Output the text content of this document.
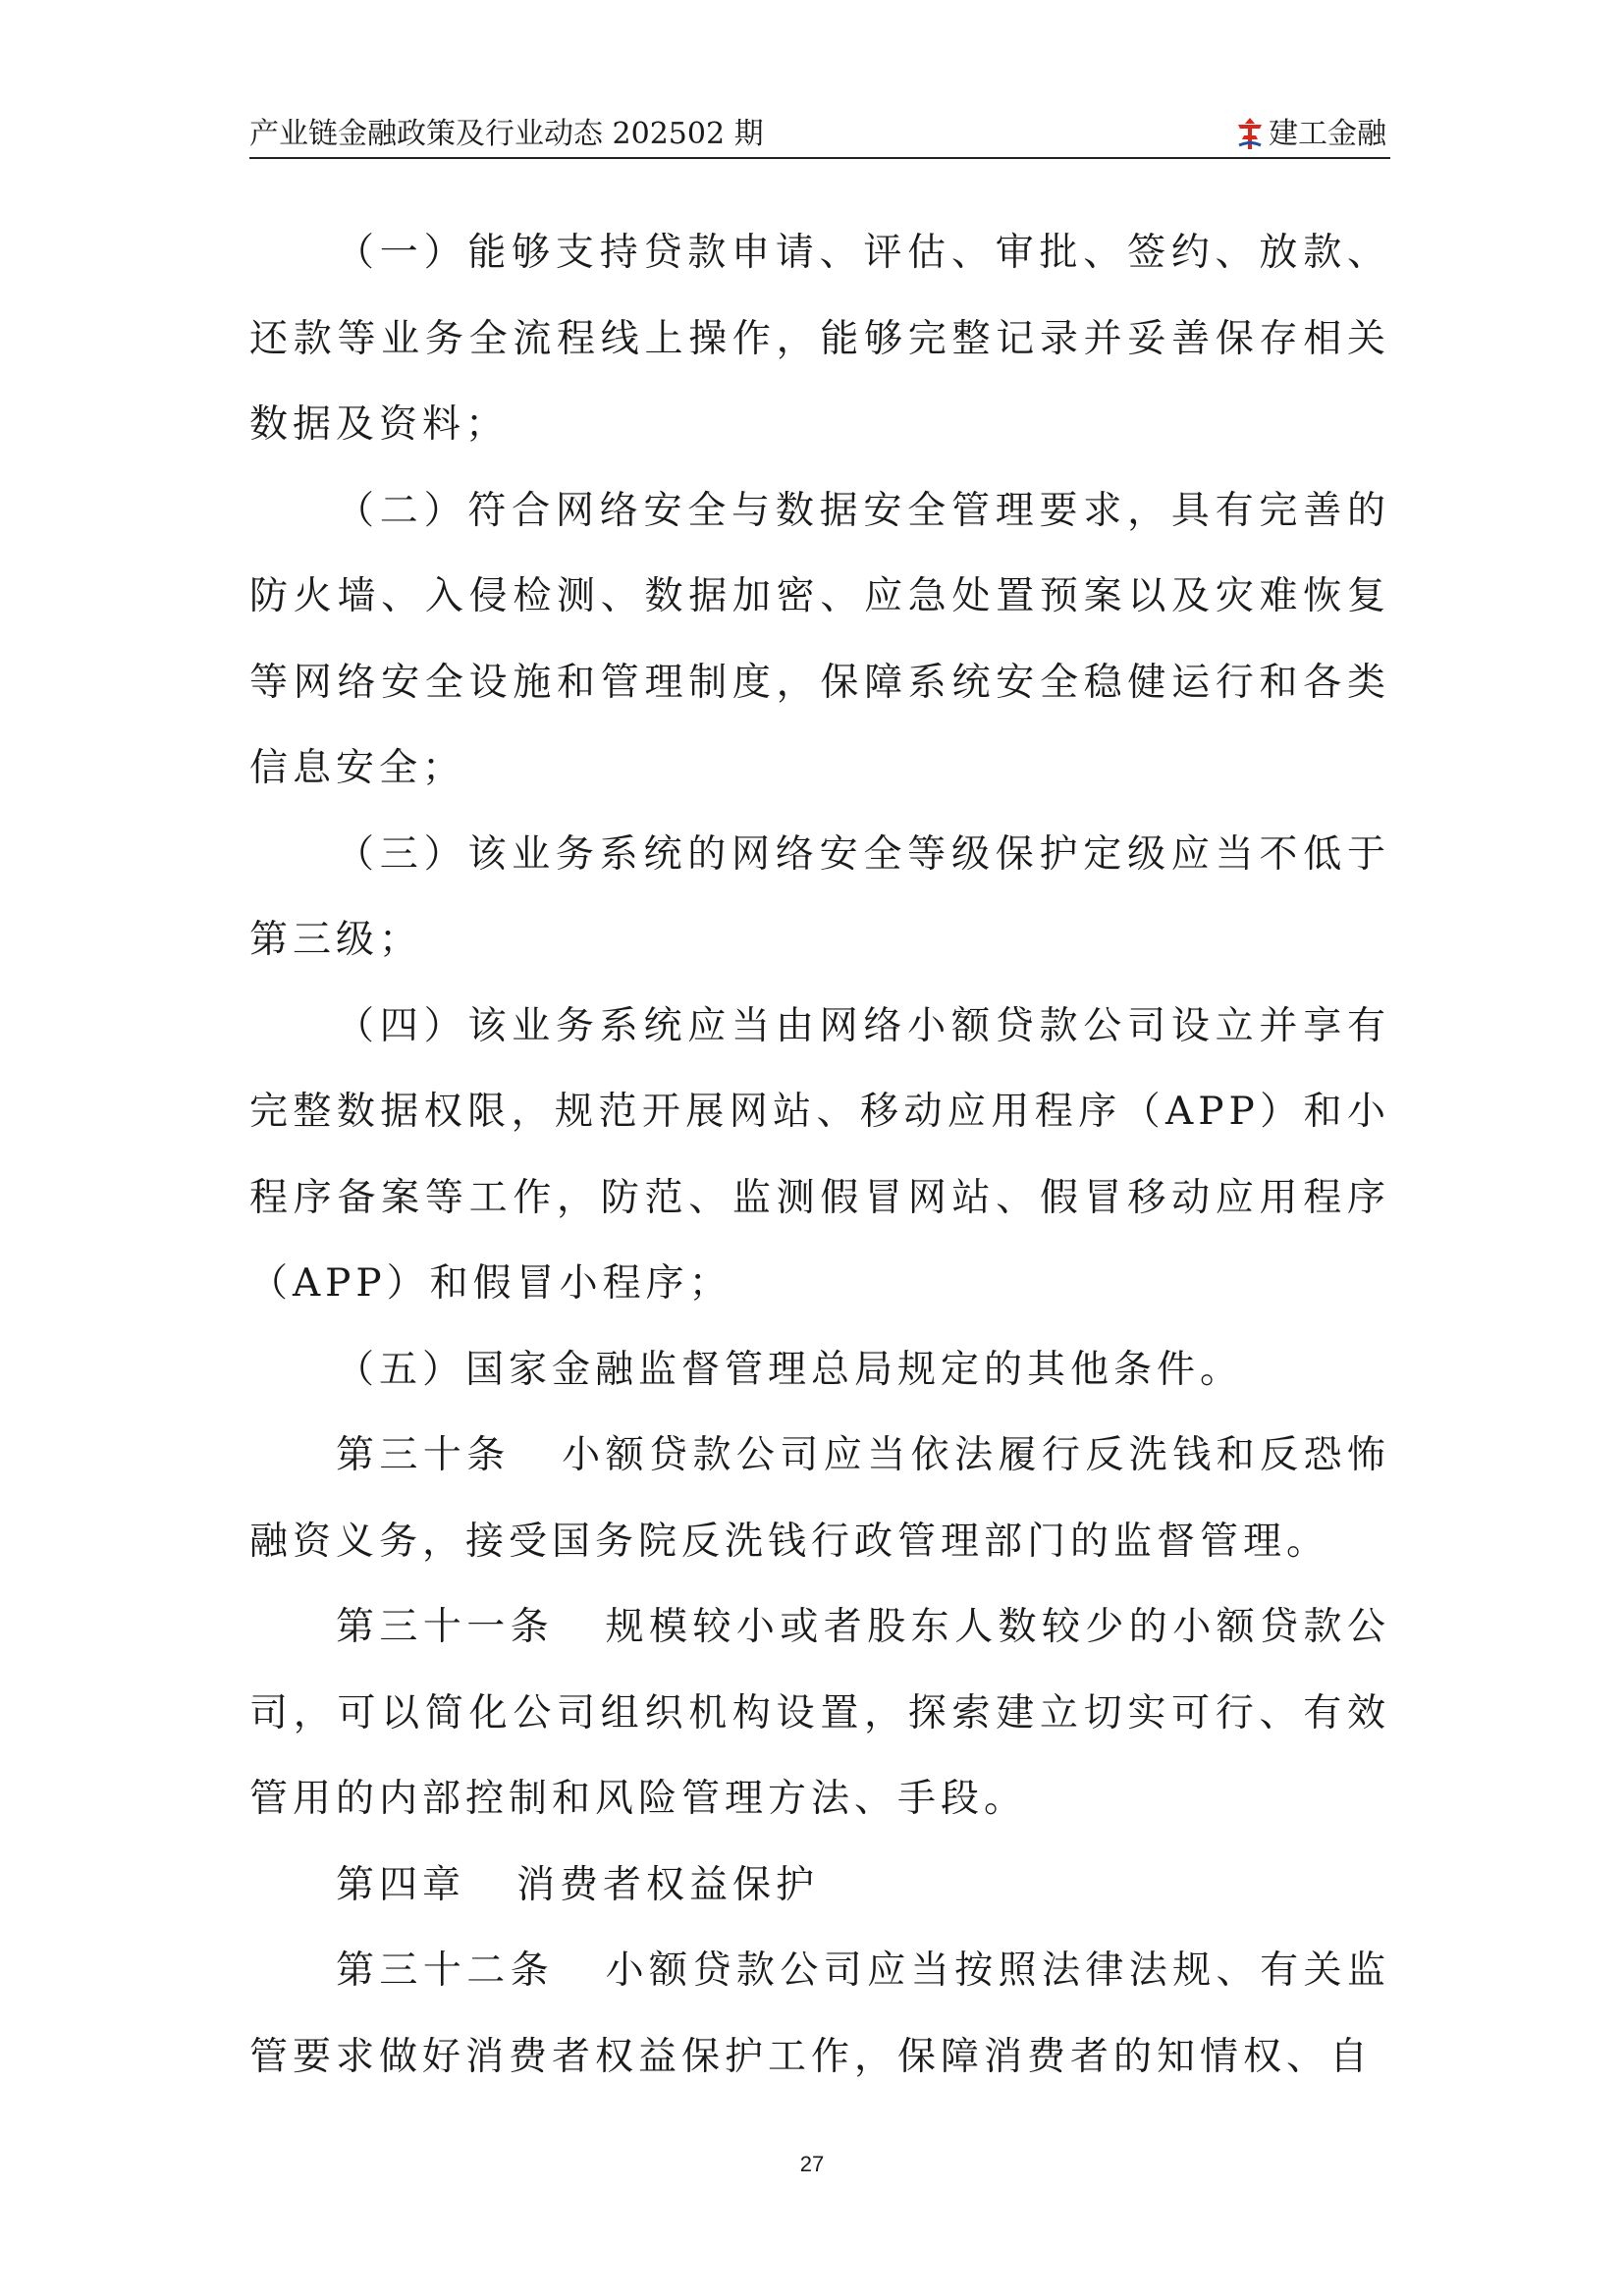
产业链金融政策及行业动态 202502 期	建工金融

（一）能够支持贷款申请、评估、审批、签约、放款、还款等业务全流程线上操作，能够完整记录并妥善保存相关数据及资料；

（二）符合网络安全与数据安全管理要求，具有完善的防火墙、入侵检测、数据加密、应急处置预案以及灾难恢复等网络安全设施和管理制度，保障系统安全稳健运行和各类信息安全；

（三）该业务系统的网络安全等级保护定级应当不低于第三级；

（四）该业务系统应当由网络小额贷款公司设立并享有完整数据权限，规范开展网站、移动应用程序（APP）和小程序备案等工作，防范、监测假冒网站、假冒移动应用程序（APP）和假冒小程序；

（五）国家金融监督管理总局规定的其他条件。

第三十条 小额贷款公司应当依法履行反洗钱和反恐怖融资义务，接受国务院反洗钱行政管理部门的监督管理。

第三十一条 规模较小或者股东人数较少的小额贷款公司，可以简化公司组织机构设置，探索建立切实可行、有效管用的内部控制和风险管理方法、手段。

第四章 消费者权益保护

第三十二条 小额贷款公司应当按照法律法规、有关监管要求做好消费者权益保护工作，保障消费者的知情权、自

27
